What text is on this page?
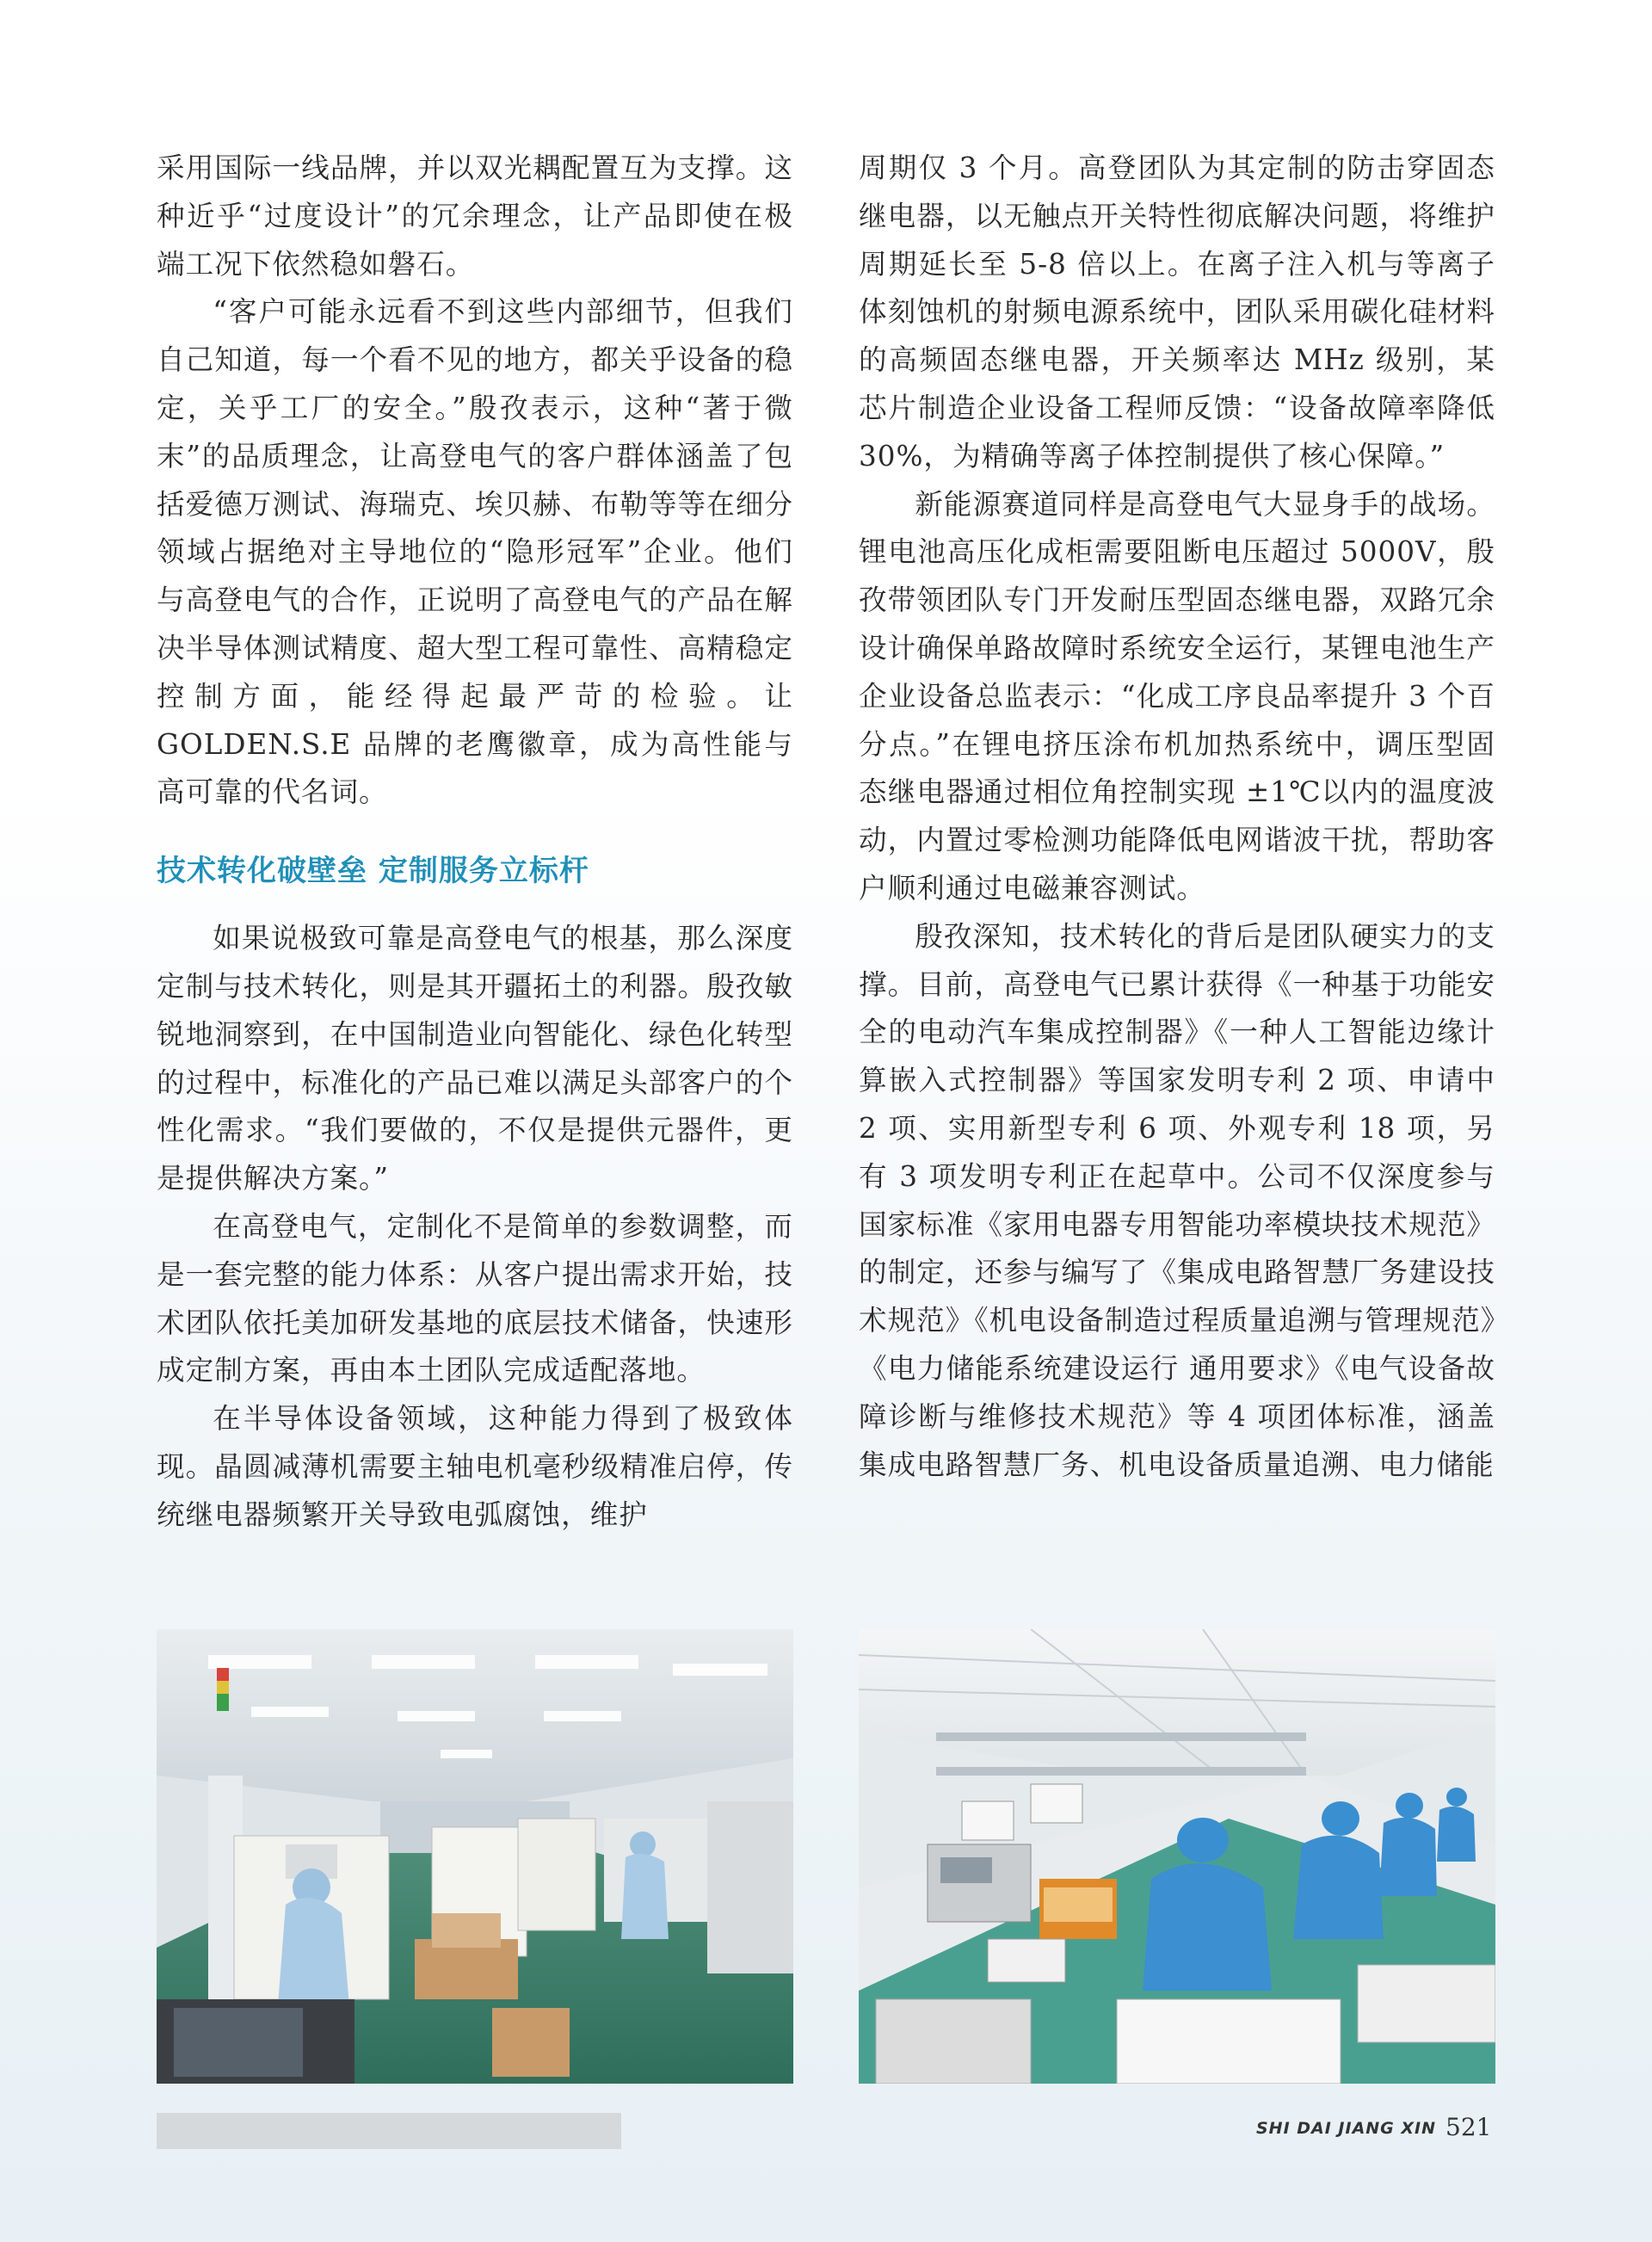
采用国际一线品牌，并以双光耦配置互为支撑。这种近乎“过度设计”的冗余理念，让产品即使在极端工况下依然稳如磐石。

“客户可能永远看不到这些内部细节，但我们自己知道，每一个看不见的地方，都关乎设备的稳定，关乎工厂的安全。”殷孜表示，这种“著于微末”的品质理念，让高登电气的客户群体涵盖了包括爱德万测试、海瑞克、埃贝赫、布勒等等在细分领域占据绝对主导地位的“隐形冠军”企业。他们与高登电气的合作，正说明了高登电气的产品在解决半导体测试精度、超大型工程可靠性、高精稳定控制方面，能经得起最严苛的检验。让 GOLDEN.S.E 品牌的老鹰徽章，成为高性能与高可靠的代名词。

技术转化破壁垒 定制服务立标杆

如果说极致可靠是高登电气的根基，那么深度定制与技术转化，则是其开疆拓土的利器。殷孜敏锐地洞察到，在中国制造业向智能化、绿色化转型的过程中，标准化的产品已难以满足头部客户的个性化需求。“我们要做的，不仅是提供元器件，更是提供解决方案。”

在高登电气，定制化不是简单的参数调整，而是一套完整的能力体系：从客户提出需求开始，技术团队依托美加研发基地的底层技术储备，快速形成定制方案，再由本土团队完成适配落地。

在半导体设备领域，这种能力得到了极致体现。晶圆减薄机需要主轴电机毫秒级精准启停，传统继电器频繁开关导致电弧腐蚀，维护

周期仅 3 个月。高登团队为其定制的防击穿固态继电器，以无触点开关特性彻底解决问题，将维护周期延长至 5-8 倍以上。在离子注入机与等离子体刻蚀机的射频电源系统中，团队采用碳化硅材料的高频固态继电器，开关频率达 MHz 级别，某芯片制造企业设备工程师反馈：“设备故障率降低 30%，为精确等离子体控制提供了核心保障。”

新能源赛道同样是高登电气大显身手的战场。锂电池高压化成柜需要阻断电压超过 5000V，殷孜带领团队专门开发耐压型固态继电器，双路冗余设计确保单路故障时系统安全运行，某锂电池生产企业设备总监表示：“化成工序良品率提升 3 个百分点。”在锂电挤压涂布机加热系统中，调压型固态继电器通过相位角控制实现 ±1℃以内的温度波动，内置过零检测功能降低电网谐波干扰，帮助客户顺利通过电磁兼容测试。

殷孜深知，技术转化的背后是团队硬实力的支撑。目前，高登电气已累计获得《一种基于功能安全的电动汽车集成控制器》《一种人工智能边缘计算嵌入式控制器》等国家发明专利 2 项、申请中 2 项、实用新型专利 6 项、外观专利 18 项，另有 3 项发明专利正在起草中。公司不仅深度参与国家标准《家用电器专用智能功率模块技术规范》的制定，还参与编写了《集成电路智慧厂务建设技术规范》《机电设备制造过程质量追溯与管理规范》《电力储能系统建设运行 通用要求》《电气设备故障诊断与维修技术规范》等 4 项团体标准，涵盖集成电路智慧厂务、机电设备质量追溯、电力储能

SHI DAI JIANG XIN 521
